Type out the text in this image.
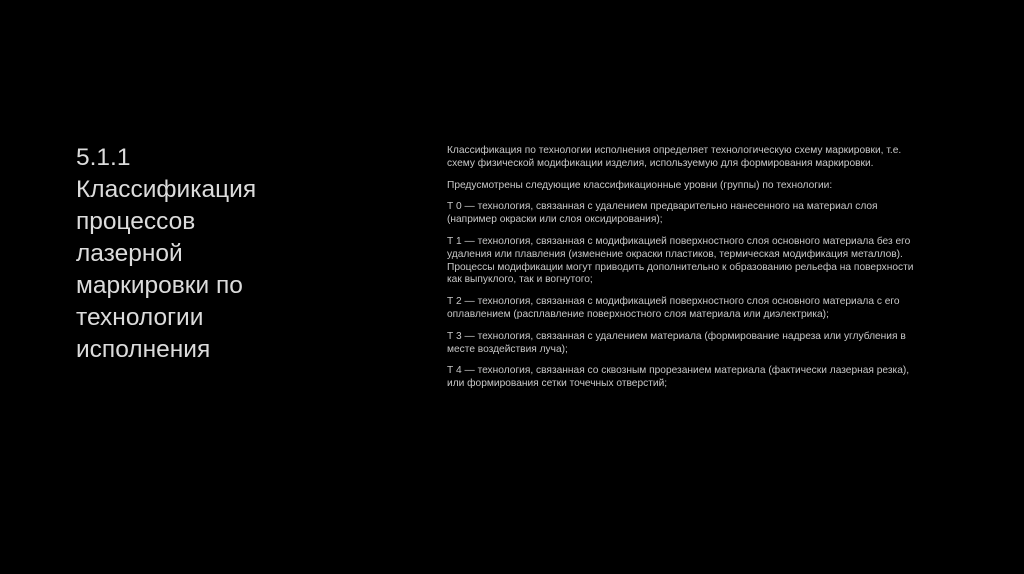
5.1.1
Классификация
процессов
лазерной
маркировки по
технологии
исполнения
Классификация по технологии исполнения определяет технологическую схему маркировки, т.е.
схему физической модификации изделия, используемую для формирования маркировки.
Предусмотрены следующие классификационные уровни (группы) по технологии:
Т 0 — технология, связанная с удалением предварительно нанесенного на материал слоя
(например окраски или слоя оксидирования);
Т 1 — технология, связанная с модификацией поверхностного слоя основного материала без его
удаления или плавления (изменение окраски пластиков, термическая модификация металлов).
Процессы модификации могут приводить дополнительно к образованию рельефа на поверхности
как выпуклого, так и вогнутого;
Т 2 — технология, связанная с модификацией поверхностного слоя основного материала с его
оплавлением (расплавление поверхностного слоя материала или диэлектрика);
Т 3 — технология, связанная с удалением материала (формирование надреза или углубления в
месте воздействия луча);
Т 4 — технология, связанная со сквозным прорезанием материала (фактически лазерная резка),
или формирования сетки точечных отверстий;
